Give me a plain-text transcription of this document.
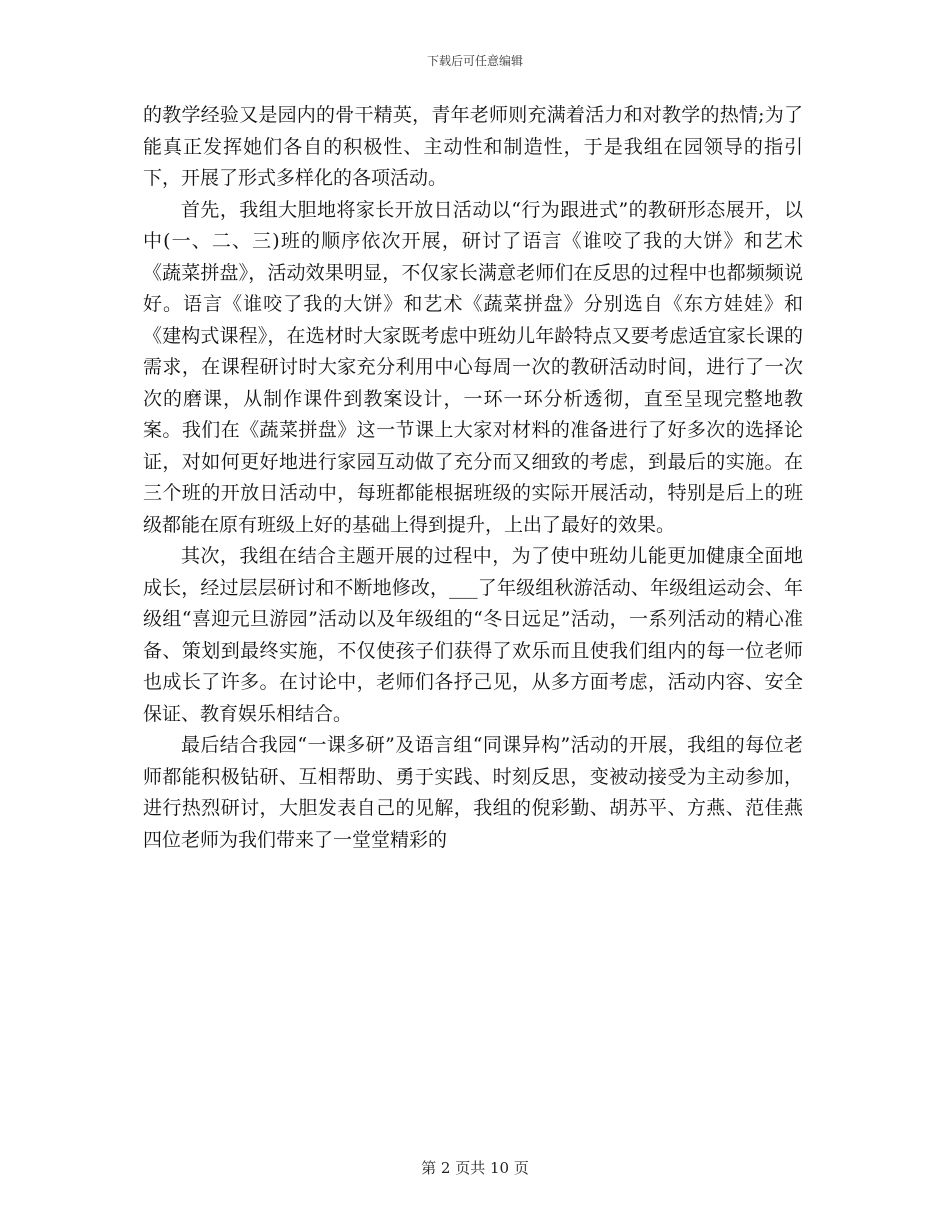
下载后可任意编辑

的教学经验又是园内的骨干精英，青年老师则充满着活力和对教学的热情;为了能真正发挥她们各自的积极性、主动性和制造性，于是我组在园领导的指引下，开展了形式多样化的各项活动。

首先，我组大胆地将家长开放日活动以“行为跟进式”的教研形态展开，以中(一、二、三)班的顺序依次开展，研讨了语言《谁咬了我的大饼》和艺术《蔬菜拼盘》，活动效果明显，不仅家长满意老师们在反思的过程中也都频频说好。语言《谁咬了我的大饼》和艺术《蔬菜拼盘》分别选自《东方娃娃》和《建构式课程》，在选材时大家既考虑中班幼儿年龄特点又要考虑适宜家长课的需求，在课程研讨时大家充分利用中心每周一次的教研活动时间，进行了一次次的磨课，从制作课件到教案设计，一环一环分析透彻，直至呈现完整地教案。我们在《蔬菜拼盘》这一节课上大家对材料的准备进行了好多次的选择论证，对如何更好地进行家园互动做了充分而又细致的考虑，到最后的实施。在三个班的开放日活动中，每班都能根据班级的实际开展活动，特别是后上的班级都能在原有班级上好的基础上得到提升，上出了最好的效果。

其次，我组在结合主题开展的过程中，为了使中班幼儿能更加健康全面地成长，经过层层研讨和不断地修改，___了年级组秋游活动、年级组运动会、年级组“喜迎元旦游园”活动以及年级组的“冬日远足”活动，一系列活动的精心准备、策划到最终实施，不仅使孩子们获得了欢乐而且使我们组内的每一位老师也成长了许多。在讨论中，老师们各抒己见，从多方面考虑，活动内容、安全保证、教育娱乐相结合。

最后结合我园“一课多研”及语言组“同课异构”活动的开展，我组的每位老师都能积极钻研、互相帮助、勇于实践、时刻反思，变被动接受为主动参加，进行热烈研讨，大胆发表自己的见解，我组的倪彩勤、胡苏平、方燕、范佳燕四位老师为我们带来了一堂堂精彩的

第 2 页共 10 页
